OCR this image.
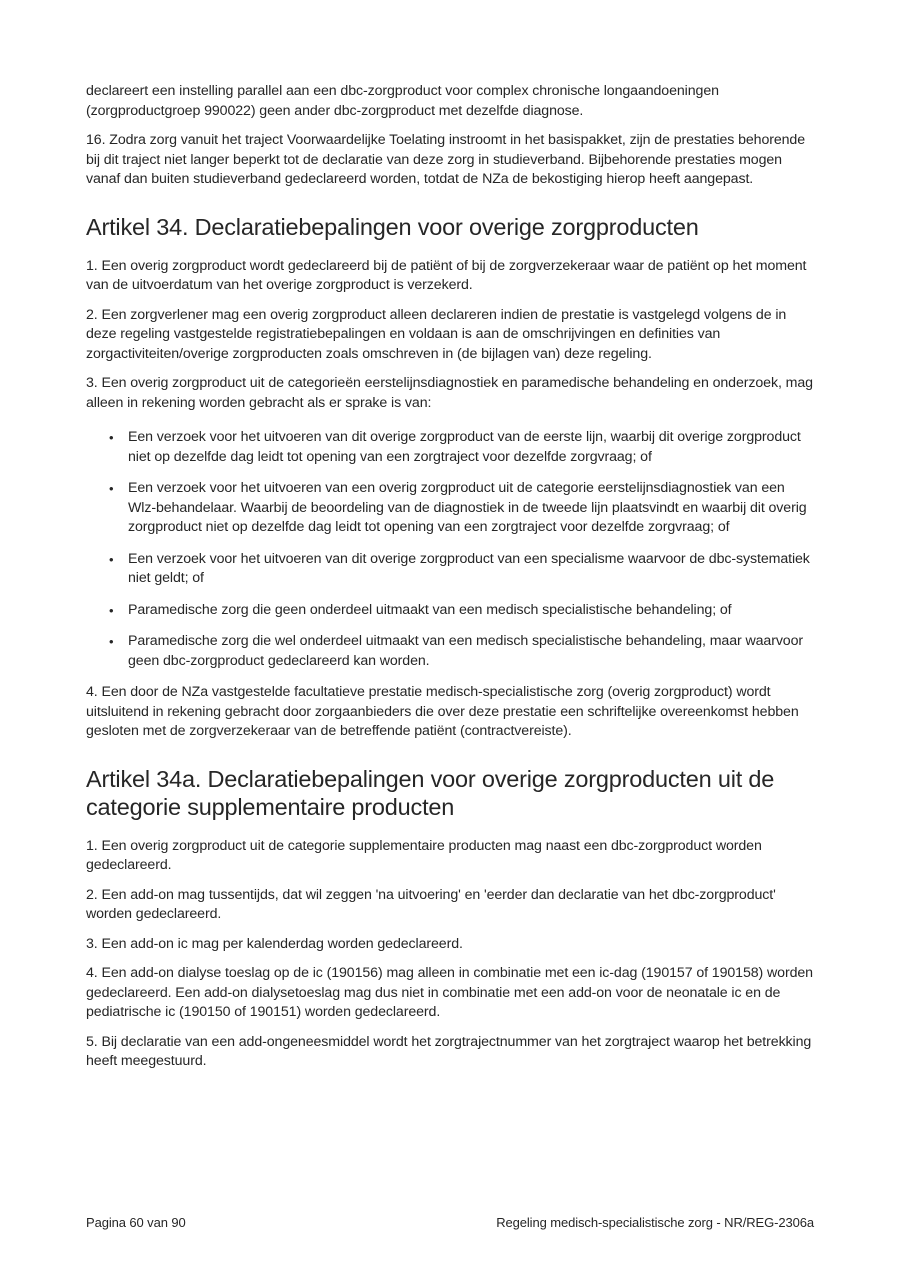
declareert een instelling parallel aan een dbc-zorgproduct voor complex chronische longaandoeningen (zorgproductgroep 990022) geen ander dbc-zorgproduct met dezelfde diagnose.

16. Zodra zorg vanuit het traject Voorwaardelijke Toelating instroomt in het basispakket, zijn de prestaties behorende bij dit traject niet langer beperkt tot de declaratie van deze zorg in studieverband. Bijbehorende prestaties mogen vanaf dan buiten studieverband gedeclareerd worden, totdat de NZa de bekostiging hierop heeft aangepast.

Artikel 34. Declaratiebepalingen voor overige zorgproducten

1. Een overig zorgproduct wordt gedeclareerd bij de patiënt of bij de zorgverzekeraar waar de patiënt op het moment van de uitvoerdatum van het overige zorgproduct is verzekerd.

2. Een zorgverlener mag een overig zorgproduct alleen declareren indien de prestatie is vastgelegd volgens de in deze regeling vastgestelde registratiebepalingen en voldaan is aan de omschrijvingen en definities van zorgactiviteiten/overige zorgproducten zoals omschreven in (de bijlagen van) deze regeling.

3. Een overig zorgproduct uit de categorieën eerstelijnsdiagnostiek en paramedische behandeling en onderzoek, mag alleen in rekening worden gebracht als er sprake is van:

• Een verzoek voor het uitvoeren van dit overige zorgproduct van de eerste lijn, waarbij dit overige zorgproduct niet op dezelfde dag leidt tot opening van een zorgtraject voor dezelfde zorgvraag; of
• Een verzoek voor het uitvoeren van een overig zorgproduct uit de categorie eerstelijnsdiagnostiek van een Wlz-behandelaar. Waarbij de beoordeling van de diagnostiek in de tweede lijn plaatsvindt en waarbij dit overig zorgproduct niet op dezelfde dag leidt tot opening van een zorgtraject voor dezelfde zorgvraag; of
• Een verzoek voor het uitvoeren van dit overige zorgproduct van een specialisme waarvoor de dbc-systematiek niet geldt; of
• Paramedische zorg die geen onderdeel uitmaakt van een medisch specialistische behandeling; of
• Paramedische zorg die wel onderdeel uitmaakt van een medisch specialistische behandeling, maar waarvoor geen dbc-zorgproduct gedeclareerd kan worden.

4. Een door de NZa vastgestelde facultatieve prestatie medisch-specialistische zorg (overig zorgproduct) wordt uitsluitend in rekening gebracht door zorgaanbieders die over deze prestatie een schriftelijke overeenkomst hebben gesloten met de zorgverzekeraar van de betreffende patiënt (contractvereiste).

Artikel 34a. Declaratiebepalingen voor overige zorgproducten uit de categorie supplementaire producten

1. Een overig zorgproduct uit de categorie supplementaire producten mag naast een dbc-zorgproduct worden gedeclareerd.

2. Een add-on mag tussentijds, dat wil zeggen 'na uitvoering' en 'eerder dan declaratie van het dbc-zorgproduct' worden gedeclareerd.

3. Een add-on ic mag per kalenderdag worden gedeclareerd.

4. Een add-on dialyse toeslag op de ic (190156) mag alleen in combinatie met een ic-dag (190157 of 190158) worden gedeclareerd. Een add-on dialysetoeslag mag dus niet in combinatie met een add-on voor de neonatale ic en de pediatrische ic (190150 of 190151) worden gedeclareerd.

5. Bij declaratie van een add-ongeneesmiddel wordt het zorgtrajectnummer van het zorgtraject waarop het betrekking heeft meegestuurd.

Pagina 60 van 90	Regeling medisch-specialistische zorg - NR/REG-2306a
